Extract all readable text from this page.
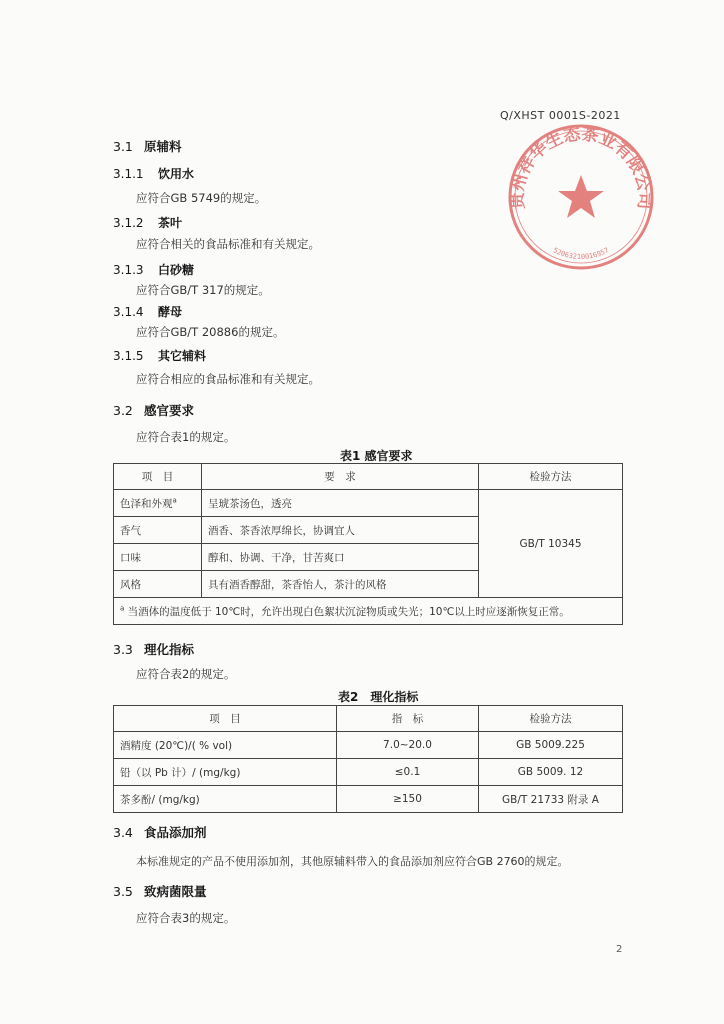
Q/XHST 0001S-2021
贵州祥华生态茶业有限公司
52063210016957
3.1 原辅料
3.1.1 饮用水
应符合GB 5749的规定。
3.1.2 茶叶
应符合相关的食品标准和有关规定。
3.1.3 白砂糖
应符合GB/T 317的规定。
3.1.4 酵母
应符合GB/T 20886的规定。
3.1.5 其它辅料
应符合相应的食品标准和有关规定。
3.2 感官要求
应符合表1的规定。
表1 感官要求
项　目	要　求	检验方法
色泽和外观$^a$	呈琥茶汤色，透亮	GB/T 10345
香气	酒香、茶香浓厚绵长，协调宜人	
口味	醇和、协调、干净，甘苦爽口	
风格	具有酒香醇甜，茶香怡人，茶汁的风格	
$^a$ 当酒体的温度低于 10℃时，允许出现白色絮状沉淀物质或失光；10℃以上时应逐渐恢复正常。		
3.3 理化指标
应符合表2的规定。
表2　理化指标
项　目	指　标	检验方法
酒精度 (20℃)/( % vol)	7.0~20.0	GB 5009.225
铅（以 Pb 计）/ (mg/kg)	≤0.1	GB 5009. 12
茶多酚/ (mg/kg)	≥150	GB/T 21733 附录 A
3.4 食品添加剂
本标准规定的产品不使用添加剂，其他原辅料带入的食品添加剂应符合GB 2760的规定。
3.5 致病菌限量
应符合表3的规定。
2
